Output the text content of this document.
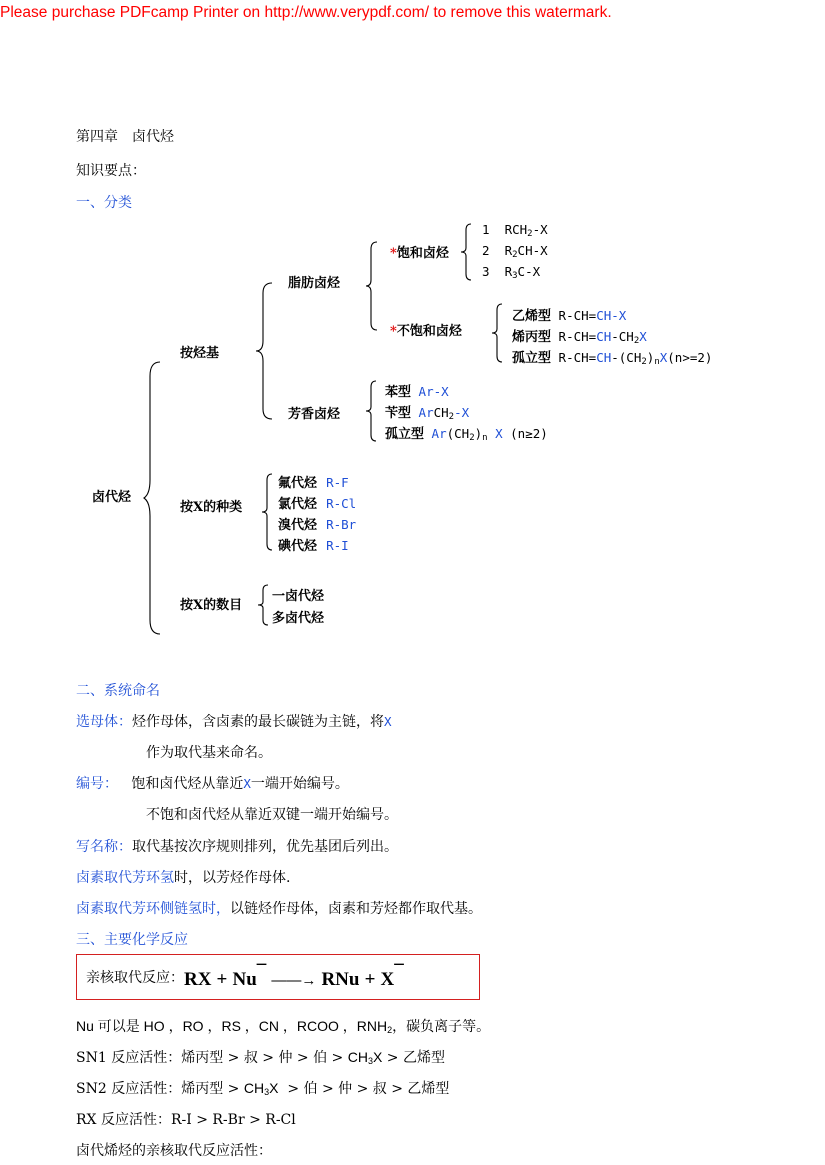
Please purchase PDFcamp Printer on http://www.verypdf.com/ to remove this watermark.
第四章　卤代烃
知识要点：
一、分类
卤代烃
按烃基
按X的种类
按X的数目
脂肪卤烃
芳香卤烃
*饱和卤烃
1 $RCH_2-X$
2 $R_2CH-X$
3 $R_3C-X$
*不饱和卤烃
乙烯型 R-CH=CH-X
烯丙型 $R-CH=CH-CH_2X$
孤立型 $R-CH=CH-(CH_2)_nX(n>=2)$
苯型 Ar-X
苄型 ArCH$_2$-X
孤立型 $Ar(CH_2)_n$ X (n≥2)
氟代烃 R-F
氯代烃 R-Cl
溴代烃 R-Br
碘代烃 R-I
一卤代烃
多卤代烃
二、系统命名
选母体：烃作母体，含卤素的最长碳链为主链，将X
作为取代基来命名。
编号： 饱和卤代烃从靠近X一端开始编号。
不饱和卤代烃从靠近双键一端开始编号。
写名称：取代基按次序规则排列，优先基团后列出。
卤素取代芳环氢时，以芳烃作母体.
卤素取代芳环侧链氢时，以链烃作母体，卤素和芳烃都作取代基。
三、主要化学反应
亲核取代反应：RX + Nu¯ ——→ RNu + X¯
Nu 可以是 HO ，RO ，RS ，CN ，RCOO ，$RNH_2$，碳负离子等。
SN1 反应活性：烯丙型 > 叔 > 仲 > 伯 > $CH_3X$ > 乙烯型
SN2 反应活性：烯丙型 > $CH_3X$ > 伯 > 仲 > 叔 > 乙烯型
RX 反应活性：R-I > R-Br > R-Cl
卤代烯烃的亲核取代反应活性：
